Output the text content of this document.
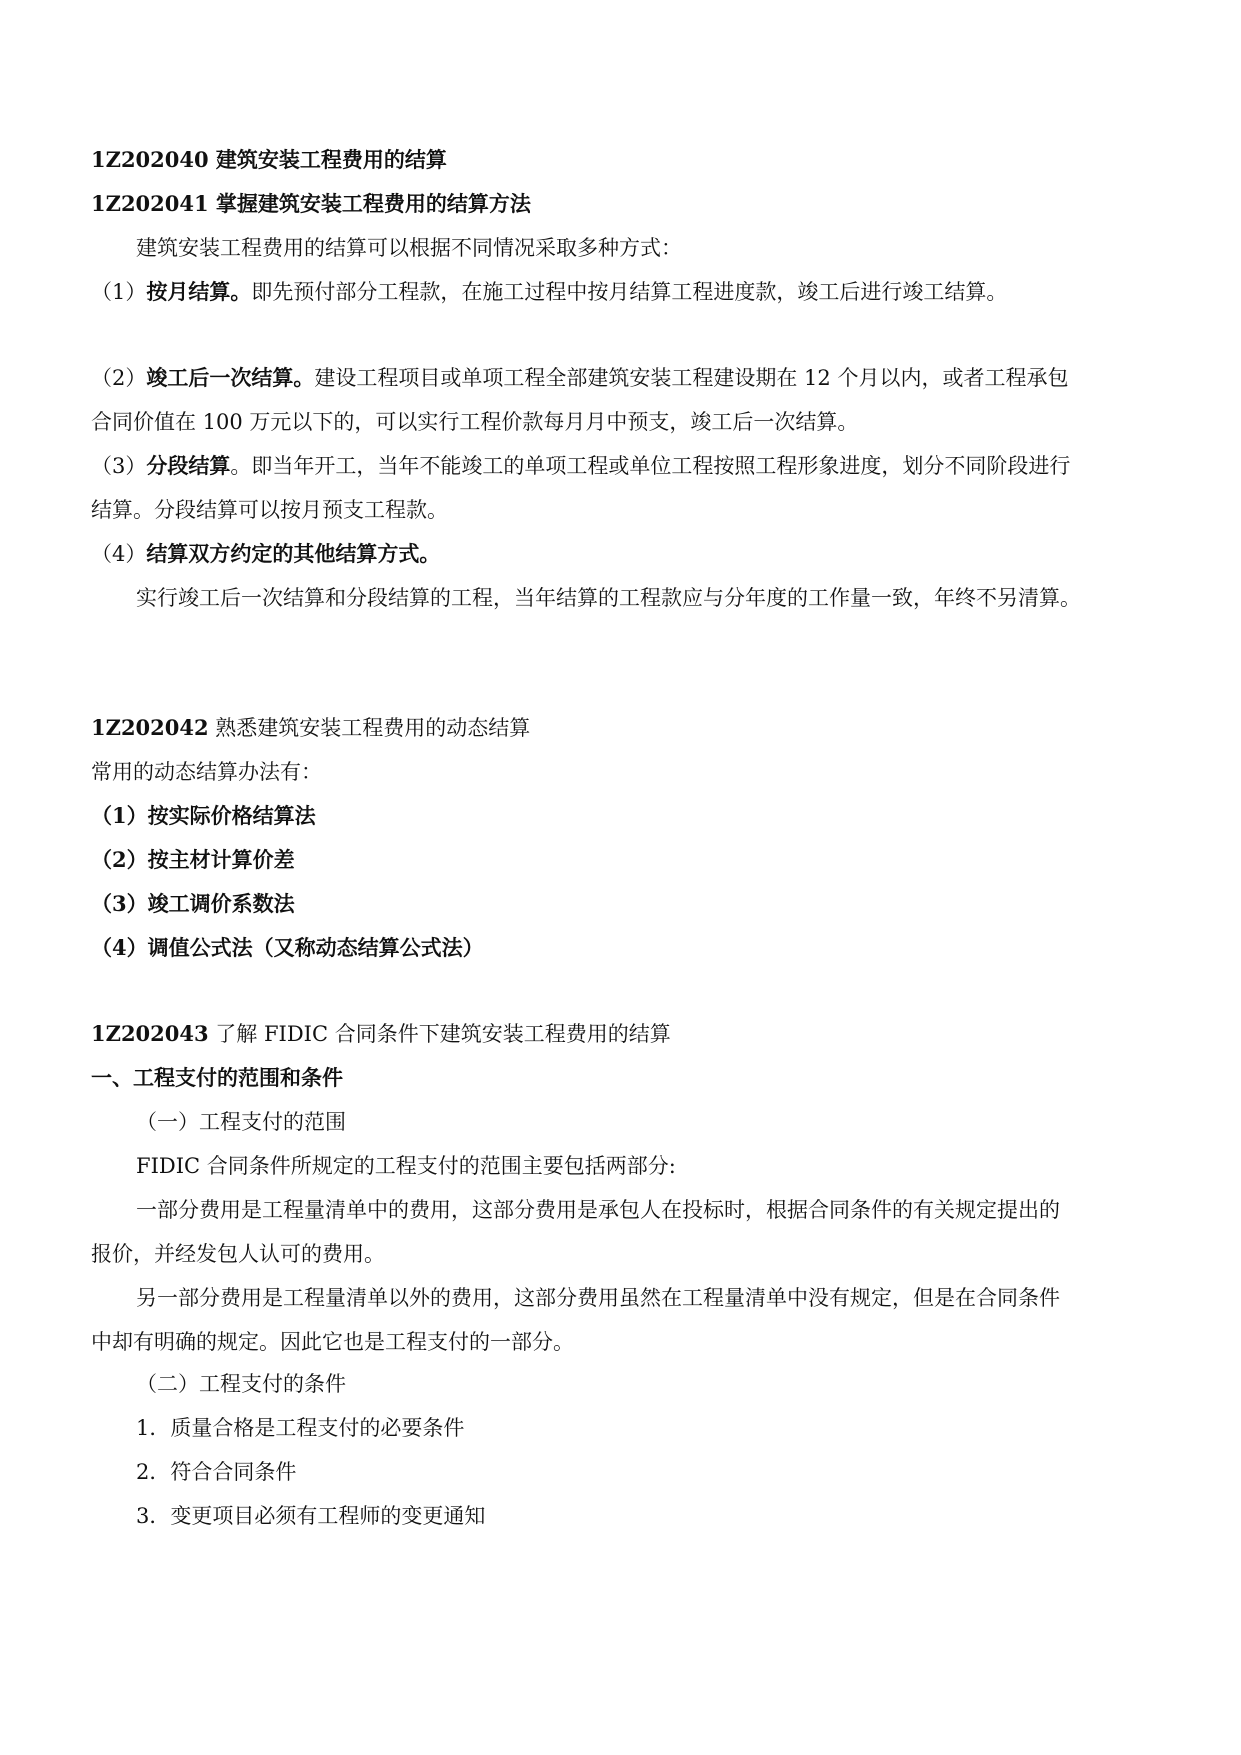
1Z202040 建筑安装工程费用的结算
1Z202041 掌握建筑安装工程费用的结算方法
建筑安装工程费用的结算可以根据不同情况采取多种方式：
（1）按月结算。即先预付部分工程款，在施工过程中按月结算工程进度款，竣工后进行竣工结算。
（2）竣工后一次结算。建设工程项目或单项工程全部建筑安装工程建设期在 12 个月以内，或者工程承包
合同价值在 100 万元以下的，可以实行工程价款每月月中预支，竣工后一次结算。
（3）分段结算。即当年开工，当年不能竣工的单项工程或单位工程按照工程形象进度，划分不同阶段进行
结算。分段结算可以按月预支工程款。
（4）结算双方约定的其他结算方式。
实行竣工后一次结算和分段结算的工程，当年结算的工程款应与分年度的工作量一致，年终不另清算。
1Z202042 熟悉建筑安装工程费用的动态结算
常用的动态结算办法有：
（1）按实际价格结算法
（2）按主材计算价差
（3）竣工调价系数法
（4）调值公式法（又称动态结算公式法）
1Z202043 了解 FIDIC 合同条件下建筑安装工程费用的结算
一、工程支付的范围和条件
（一）工程支付的范围
FIDIC 合同条件所规定的工程支付的范围主要包括两部分:
一部分费用是工程量清单中的费用，这部分费用是承包人在投标时，根据合同条件的有关规定提出的
报价，并经发包人认可的费用。
另一部分费用是工程量清单以外的费用，这部分费用虽然在工程量清单中没有规定，但是在合同条件
中却有明确的规定。因此它也是工程支付的一部分。
（二）工程支付的条件
1．质量合格是工程支付的必要条件
2．符合合同条件
3．变更项目必须有工程师的变更通知
